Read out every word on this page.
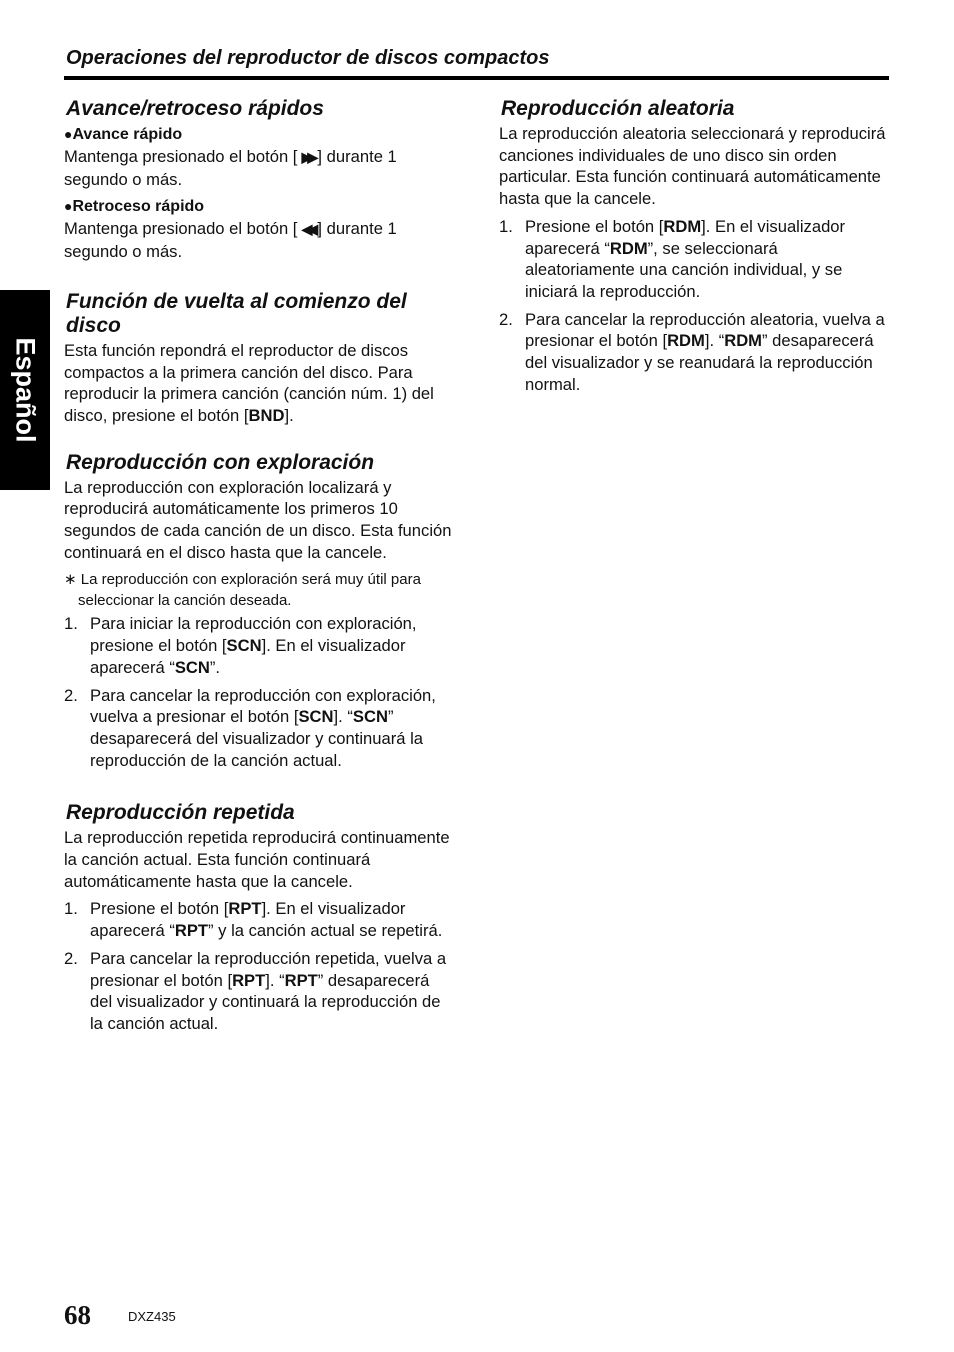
Operaciones del reproductor de discos compactos
Español
Avance/retroceso rápidos

●Avance rápido

Mantenga presionado el botón [ ▶▶ ] durante 1 segundo o más.

●Retroceso rápido

Mantenga presionado el botón [ ◀◀ ] durante 1 segundo o más.

Función de vuelta al comienzo del disco

Esta función repondrá el reproductor de discos compactos a la primera canción del disco. Para reproducir la primera canción (canción núm. 1) del disco, presione el botón [BND].

Reproducción con exploración

La reproducción con exploración localizará y reproducirá automáticamente los primeros 10 segundos de cada canción de un disco. Esta función continuará en el disco hasta que la cancele.

∗ La reproducción con exploración será muy útil para seleccionar la canción deseada.

1. Para iniciar la reproducción con exploración, presione el botón [SCN]. En el visualizador aparecerá “SCN”.
2. Para cancelar la reproducción con exploración, vuelva a presionar el botón [SCN]. “SCN” desaparecerá del visualizador y continuará la reproducción de la canción actual.
Reproducción repetida

La reproducción repetida reproducirá continuamente la canción actual. Esta función continuará automáticamente hasta que la cancele.

1. Presione el botón [RPT]. En el visualizador aparecerá “RPT” y la canción actual se repetirá.
2. Para cancelar la reproducción repetida, vuelva a presionar el botón [RPT]. “RPT” desaparecerá del visualizador y continuará la reproducción de la canción actual.
Reproducción aleatoria

La reproducción aleatoria seleccionará y reproducirá canciones individuales de uno disco sin orden particular. Esta función continuará automáticamente hasta que la cancele.

1. Presione el botón [RDM]. En el visualizador aparecerá “RDM”, se seleccionará aleatoriamente una canción individual, y se iniciará la reproducción.
2. Para cancelar la reproducción aleatoria, vuelva a presionar el botón [RDM]. “RDM” desaparecerá del visualizador y se reanudará la reproducción normal.
68	DXZ435
